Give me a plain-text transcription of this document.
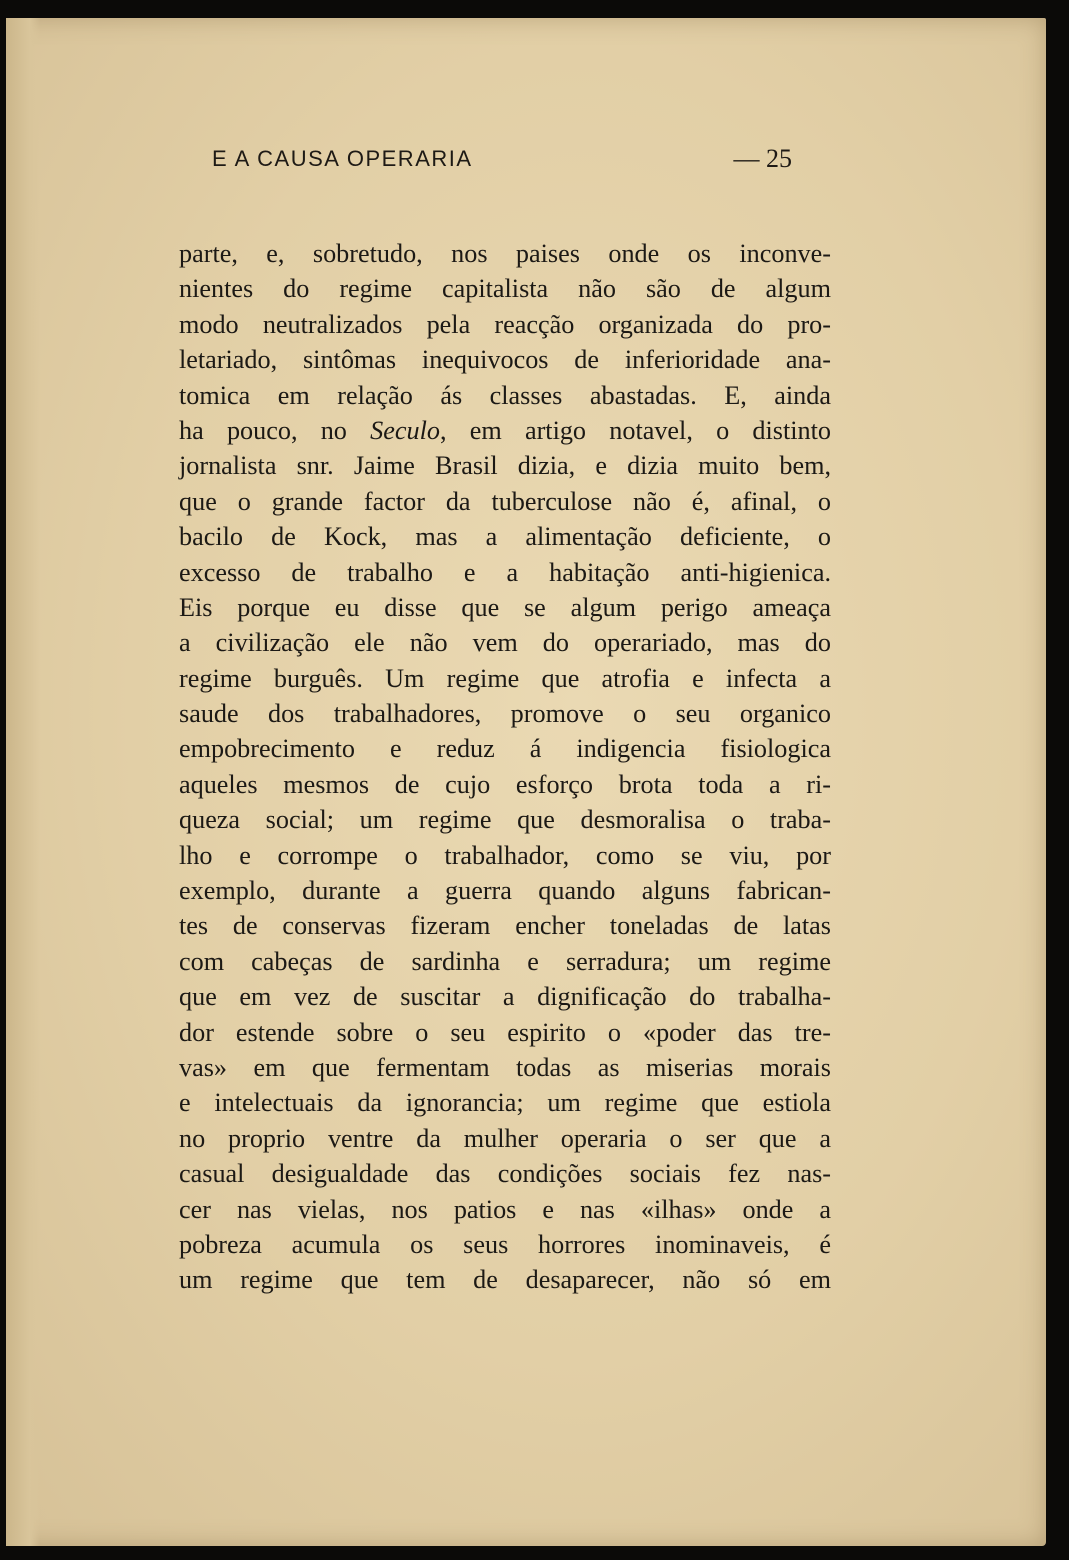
E A CAUSA OPERARIA	— 25
parte, e, sobretudo, nos paises onde os inconve-
nientes do regime capitalista não são de algum
modo neutralizados pela reacção organizada do pro-
letariado, sintômas inequivocos de inferioridade ana-
tomica em relação ás classes abastadas. E, ainda
ha pouco, no Seculo, em artigo notavel, o distinto
jornalista snr. Jaime Brasil dizia, e dizia muito bem,
que o grande factor da tuberculose não é, afinal, o
bacilo de Kock, mas a alimentação deficiente, o
excesso de trabalho e a habitação anti-higienica.
Eis porque eu disse que se algum perigo ameaça
a civilização ele não vem do operariado, mas do
regime burguês. Um regime que atrofia e infecta a
saude dos trabalhadores, promove o seu organico
empobrecimento e reduz á indigencia fisiologica
aqueles mesmos de cujo esforço brota toda a ri-
queza social; um regime que desmoralisa o traba-
lho e corrompe o trabalhador, como se viu, por
exemplo, durante a guerra quando alguns fabrican-
tes de conservas fizeram encher toneladas de latas
com cabeças de sardinha e serradura; um regime
que em vez de suscitar a dignificação do trabalha-
dor estende sobre o seu espirito o «poder das tre-
vas» em que fermentam todas as miserias morais
e intelectuais da ignorancia; um regime que estiola
no proprio ventre da mulher operaria o ser que a
casual desigualdade das condições sociais fez nas-
cer nas vielas, nos patios e nas «ilhas» onde a
pobreza acumula os seus horrores inominaveis, é
um regime que tem de desaparecer, não só em
